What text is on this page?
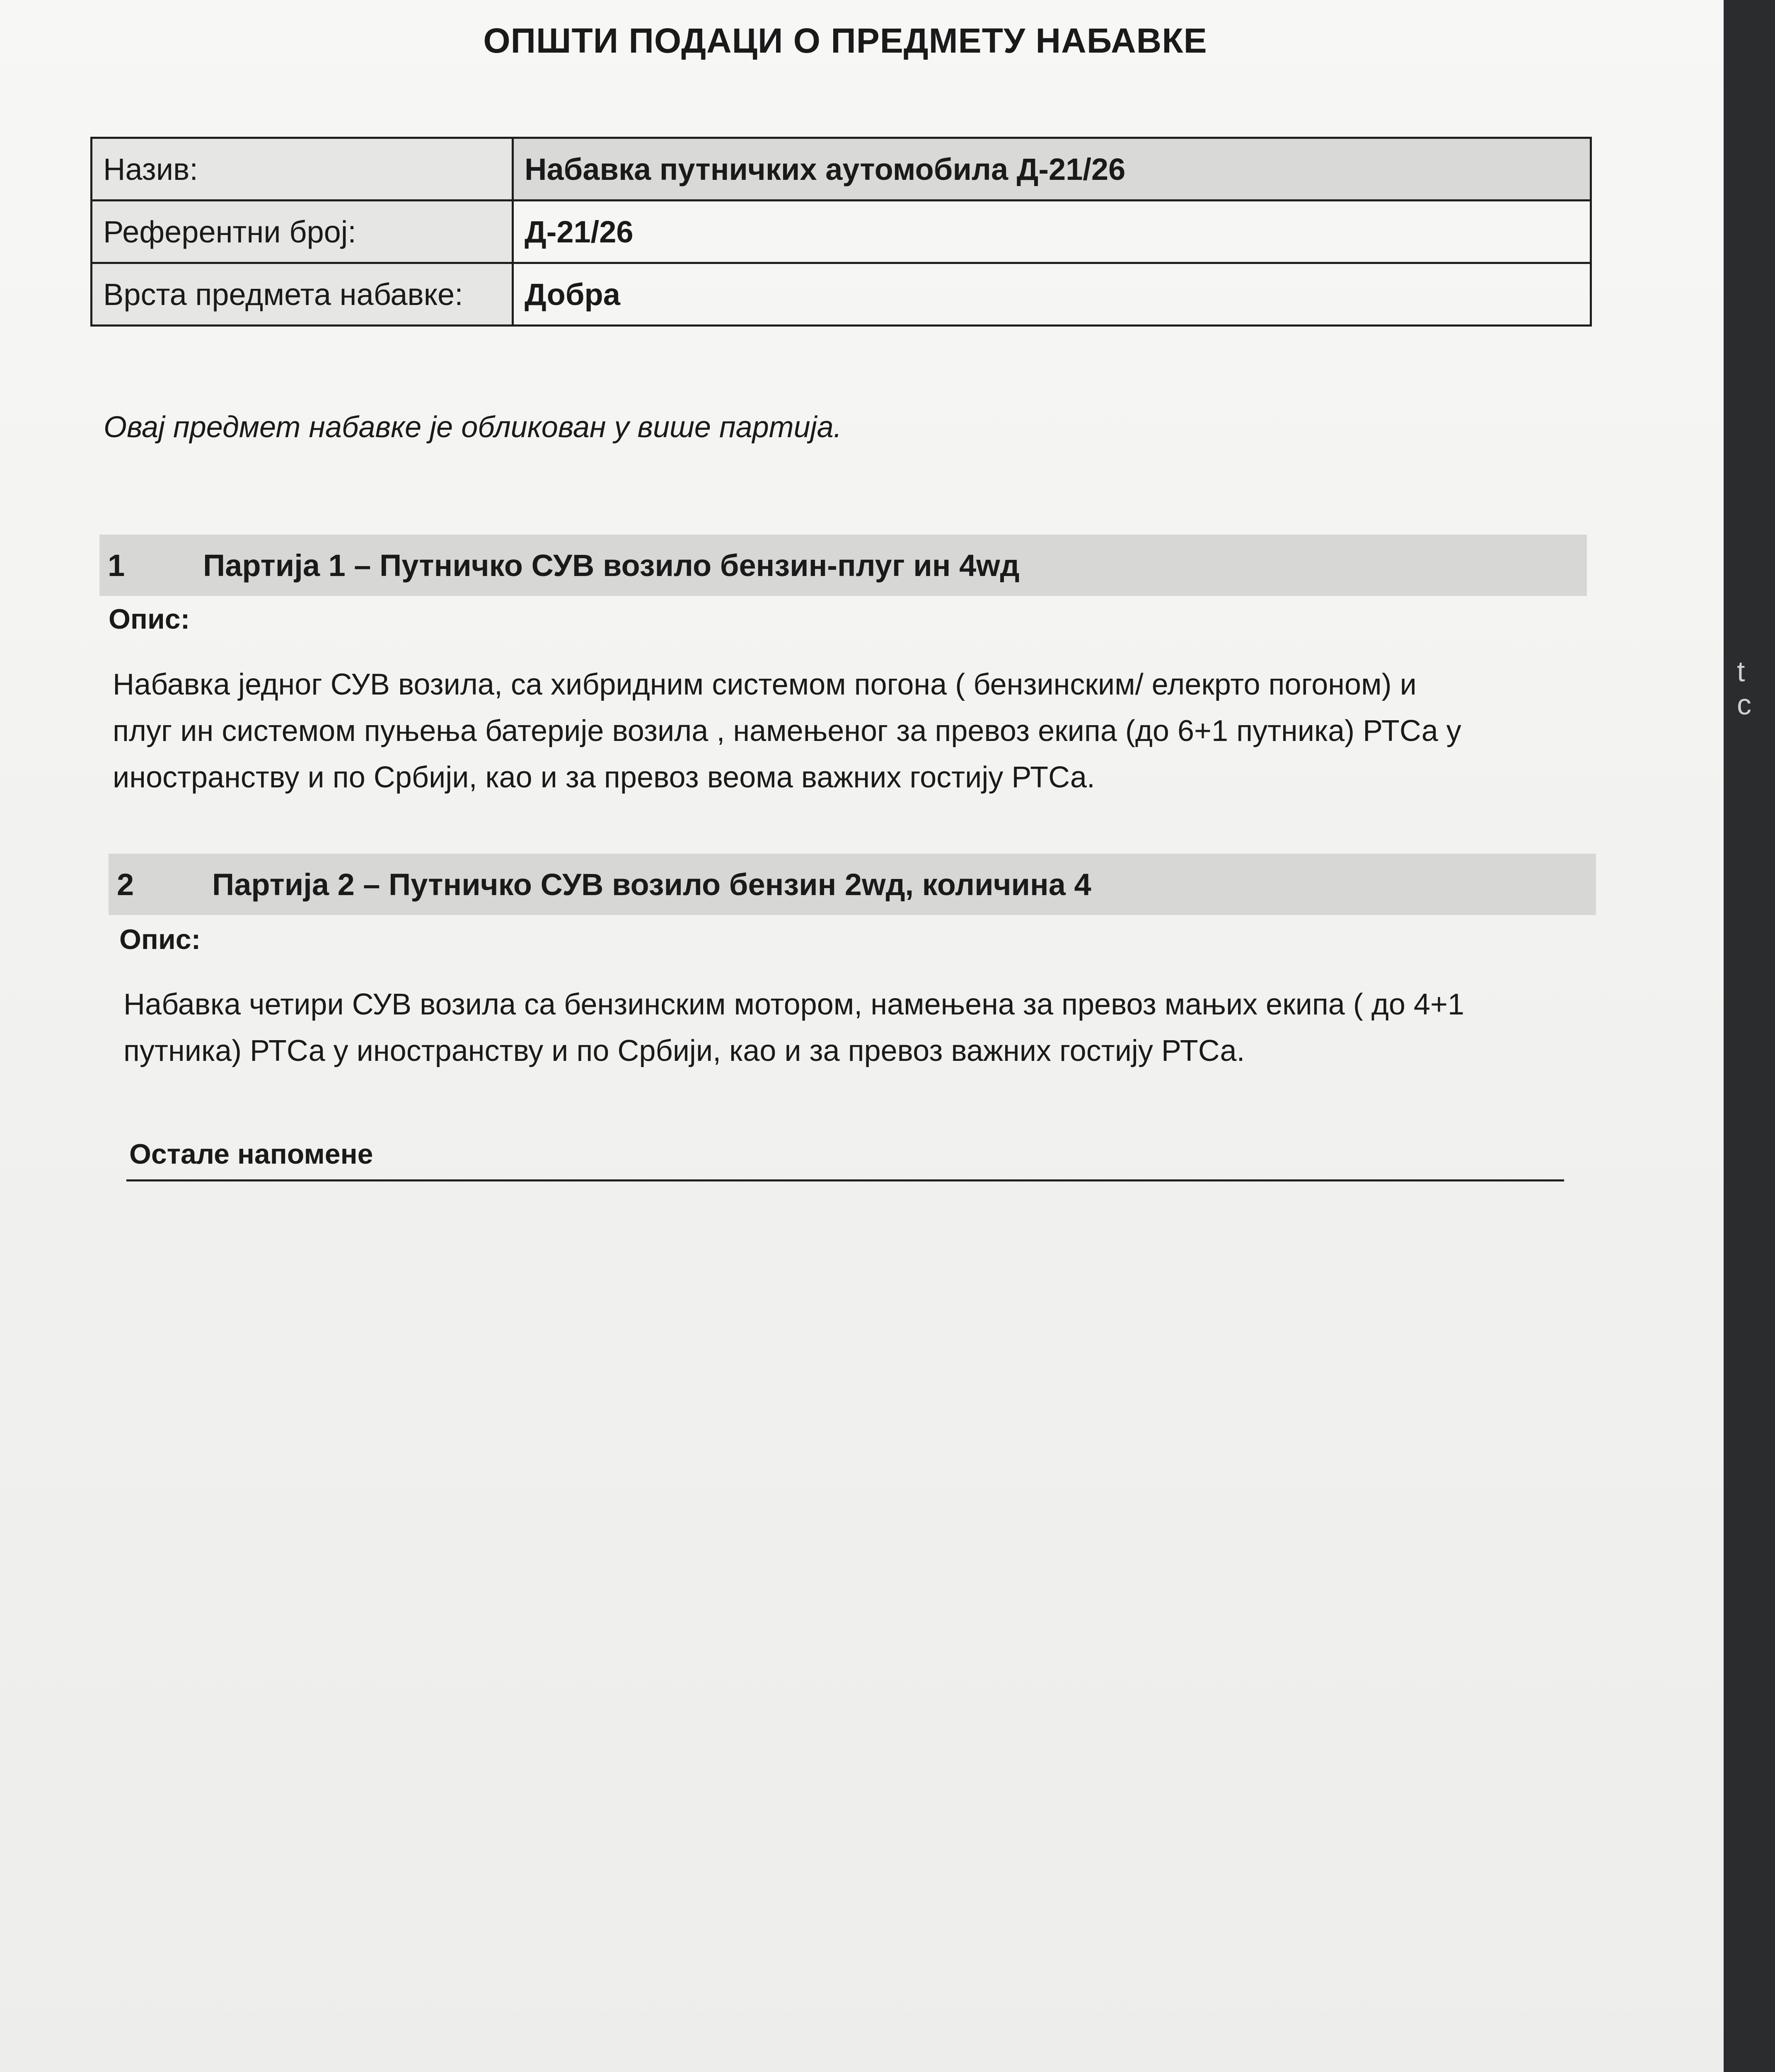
ОПШТИ ПОДАЦИ О ПРЕДМЕТУ НАБАВКЕ
Назив:	Набавка путничких аутомобила Д-21/26
Референтни број:	Д-21/26
Врста предмета набавке:	Добра
Овај предмет набавке је обликован у више партија.
1	Партија 1 – Путничко СУВ возило бензин-плуг ин 4wд
Опис:
Набавка једног СУВ возила, са хибридним системом погона ( бензинским/ елекрто погоном) и
плуг ин системом пуњења батерије возила , намењеног за превоз екипа (до 6+1 путника) РТСа у
иностранству и по Србији, као и за превоз веома важних гостију РТСа.
2	Партија 2 – Путничко СУВ возило бензин 2wд, количина 4
Опис:
Набавка четири СУВ возила са бензинским мотором, намењена за превоз мањих екипа ( до 4+1
путника) РТСа у иностранству и по Србији, као и за превоз важних гостију РТСа.
Остале напомене
t c
